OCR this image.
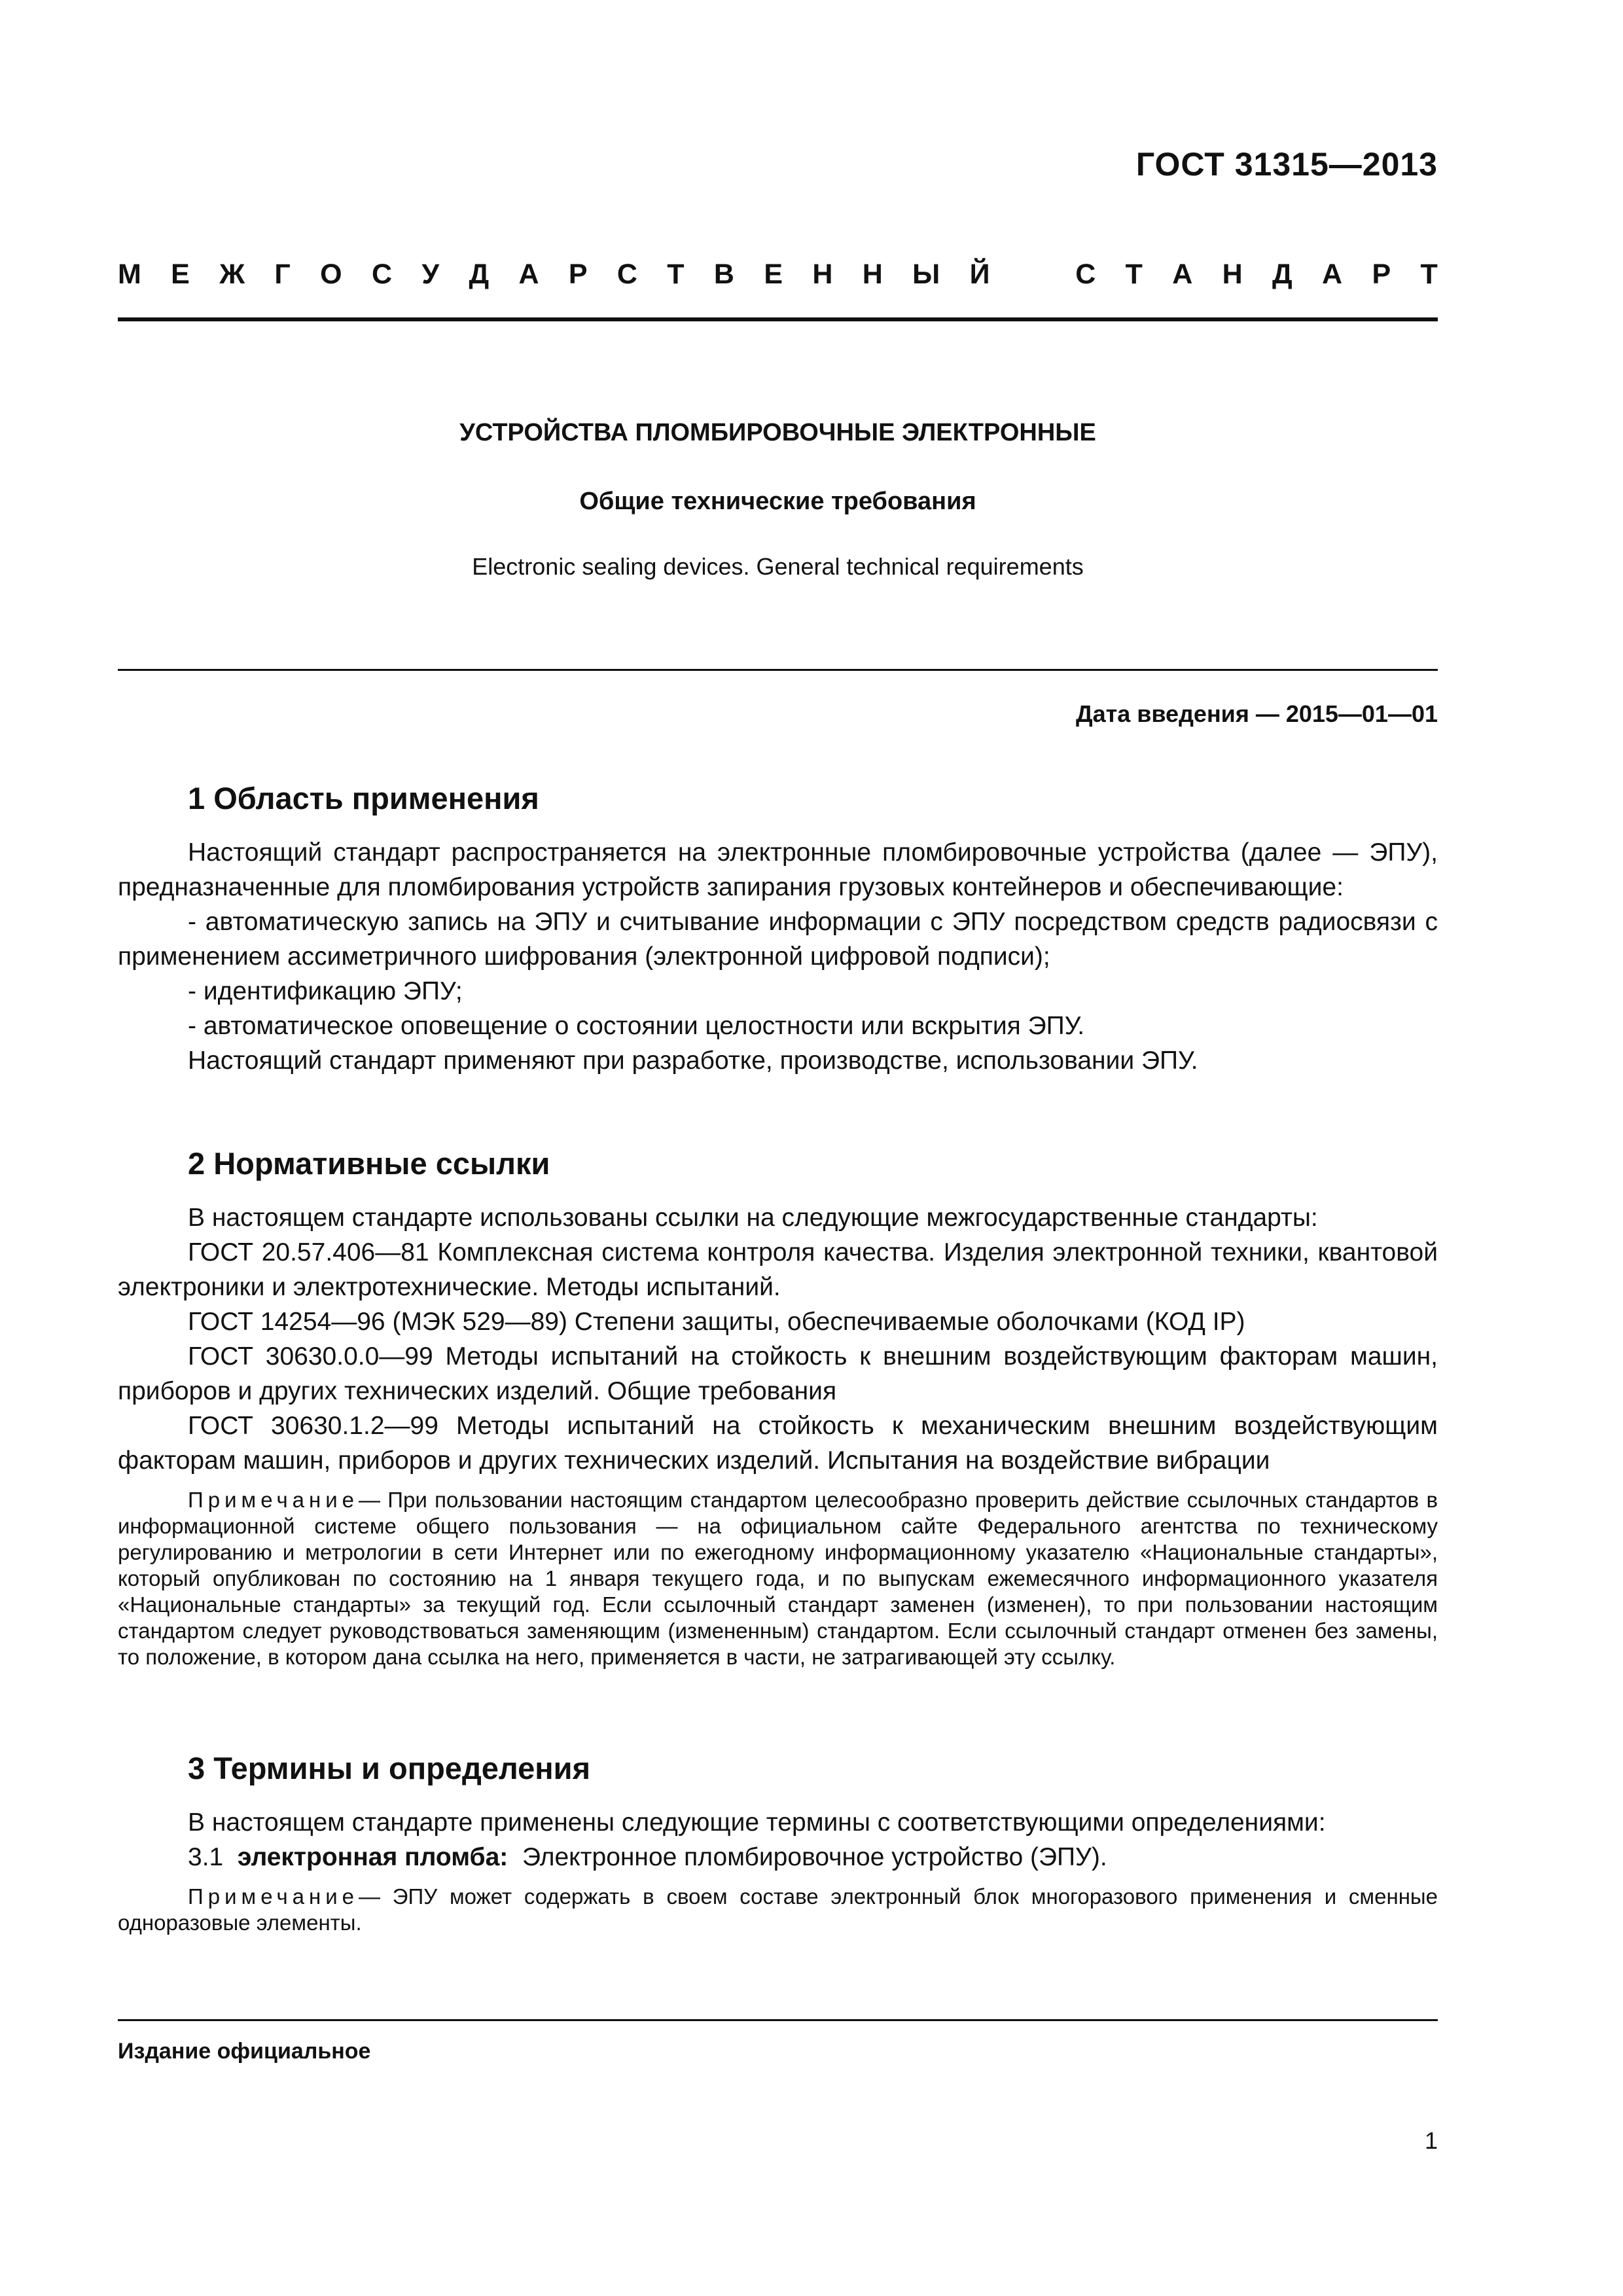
ГОСТ 31315—2013
М Е Ж Г О С У Д А Р С Т В Е Н Н Ы Й	С Т А Н Д А Р Т
УСТРОЙСТВА ПЛОМБИРОВОЧНЫЕ ЭЛЕКТРОННЫЕ
Общие технические требования
Electronic sealing devices. General technical requirements
Дата введения — 2015—01—01
1 Область применения

Настоящий стандарт распространяется на электронные пломбировочные устройства (далее — ЭПУ), предназначенные для пломбирования устройств запирания грузовых контейнеров и обеспечивающие:

- автоматическую запись на ЭПУ и считывание информации с ЭПУ посредством средств радиосвязи с применением ассиметричного шифрования (электронной цифровой подписи);

- идентификацию ЭПУ;

- автоматическое оповещение о состоянии целостности или вскрытия ЭПУ.

Настоящий стандарт применяют при разработке, производстве, использовании ЭПУ.

2 Нормативные ссылки

В настоящем стандарте использованы ссылки на следующие межгосударственные стандарты:

ГОСТ 20.57.406—81 Комплексная система контроля качества. Изделия электронной техники, квантовой электроники и электротехнические. Методы испытаний.

ГОСТ 14254—96 (МЭК 529—89) Степени защиты, обеспечиваемые оболочками (КОД IP)

ГОСТ 30630.0.0—99 Методы испытаний на стойкость к внешним воздействующим факторам машин, приборов и других технических изделий. Общие требования

ГОСТ 30630.1.2—99 Методы испытаний на стойкость к механическим внешним воздействующим факторам машин, приборов и других технических изделий. Испытания на воздействие вибрации

Примечание— При пользовании настоящим стандартом целесообразно проверить действие ссылочных стандартов в информационной системе общего пользования — на официальном сайте Федерального агентства по техническому регулированию и метрологии в сети Интернет или по ежегодному информационному указателю «Национальные стандарты», который опубликован по состоянию на 1 января текущего года, и по выпускам ежемесячного информационного указателя «Национальные стандарты» за текущий год. Если ссылочный стандарт заменен (изменен), то при пользовании настоящим стандартом следует руководствоваться заменяющим (измененным) стандартом. Если ссылочный стандарт отменен без замены, то положение, в котором дана ссылка на него, применяется в части, не затрагивающей эту ссылку.

3 Термины и определения

В настоящем стандарте применены следующие термины с соответствующими определениями:

3.1 электронная пломба: Электронное пломбировочное устройство (ЭПУ).

Примечание— ЭПУ может содержать в своем составе электронный блок многоразового применения и сменные одноразовые элементы.

Издание официальное
1
